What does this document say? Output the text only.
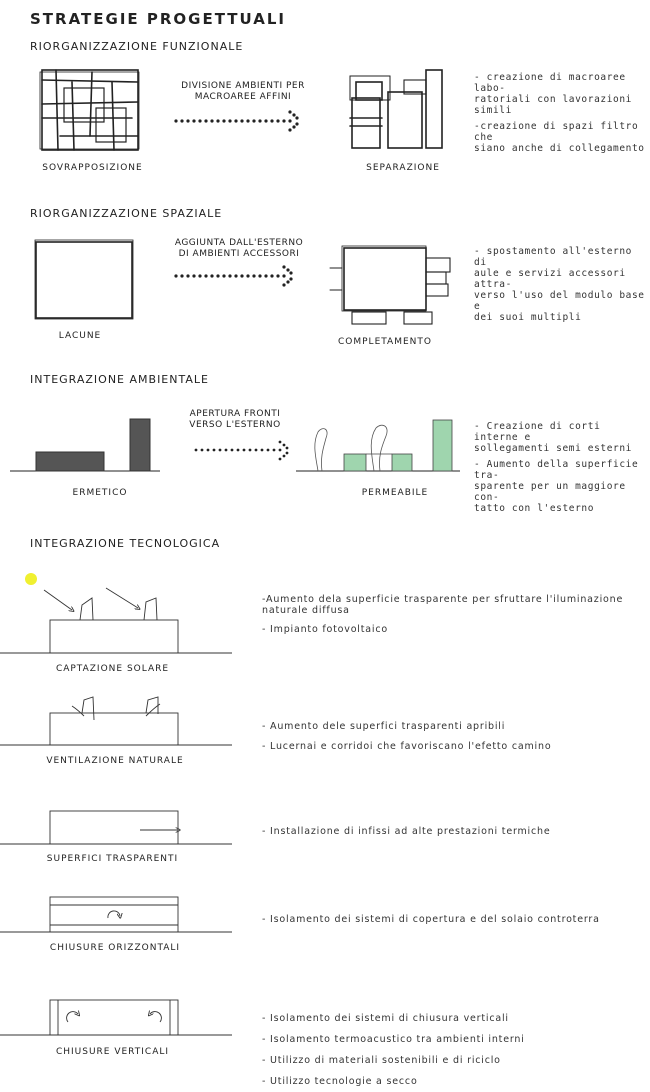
STRATEGIE PROGETTUALI
RIORGANIZZAZIONE FUNZIONALE
DIVISIONE AMBIENTI PER
MACROAREE AFFINI
SOVRAPPOSIZIONE	SEPARAZIONE
- creazione di macroaree labo-
ratoriali con lavorazioni simili
-creazione di spazi filtro che
siano anche di collegamento
RIORGANIZZAZIONE SPAZIALE
AGGIUNTA DALL'ESTERNO
DI AMBIENTI ACCESSORI
LACUNE
COMPLETAMENTO
- spostamento all'esterno di
aule e servizi accessori attra-
verso l'uso del modulo base e
dei suoi multipli
INTEGRAZIONE AMBIENTALE
APERTURA FRONTI
VERSO L'ESTERNO
ERMETICO	PERMEABILE
- Creazione di corti interne e
sollegamenti semi esterni
- Aumento della superficie tra-
sparente per un maggiore con-
tatto con l'esterno
INTEGRAZIONE TECNOLOGICA
CAPTAZIONE SOLARE
-Aumento dela superficie trasparente per sfruttare l'iluminazione
naturale diffusa
- Impianto fotovoltaico
VENTILAZIONE NATURALE
- Aumento dele superfici trasparenti apribili
- Lucernai e corridoi che favoriscano l'efetto camino
SUPERFICI TRASPARENTI
- Installazione di infissi ad alte prestazioni termiche
CHIUSURE ORIZZONTALI
- Isolamento dei sistemi di copertura e del solaio controterra
CHIUSURE VERTICALI
- Isolamento dei sistemi di chiusura verticali
- Isolamento termoacustico tra ambienti interni
- Utilizzo di materiali sostenibili e di riciclo
- Utilizzo tecnologie a secco
